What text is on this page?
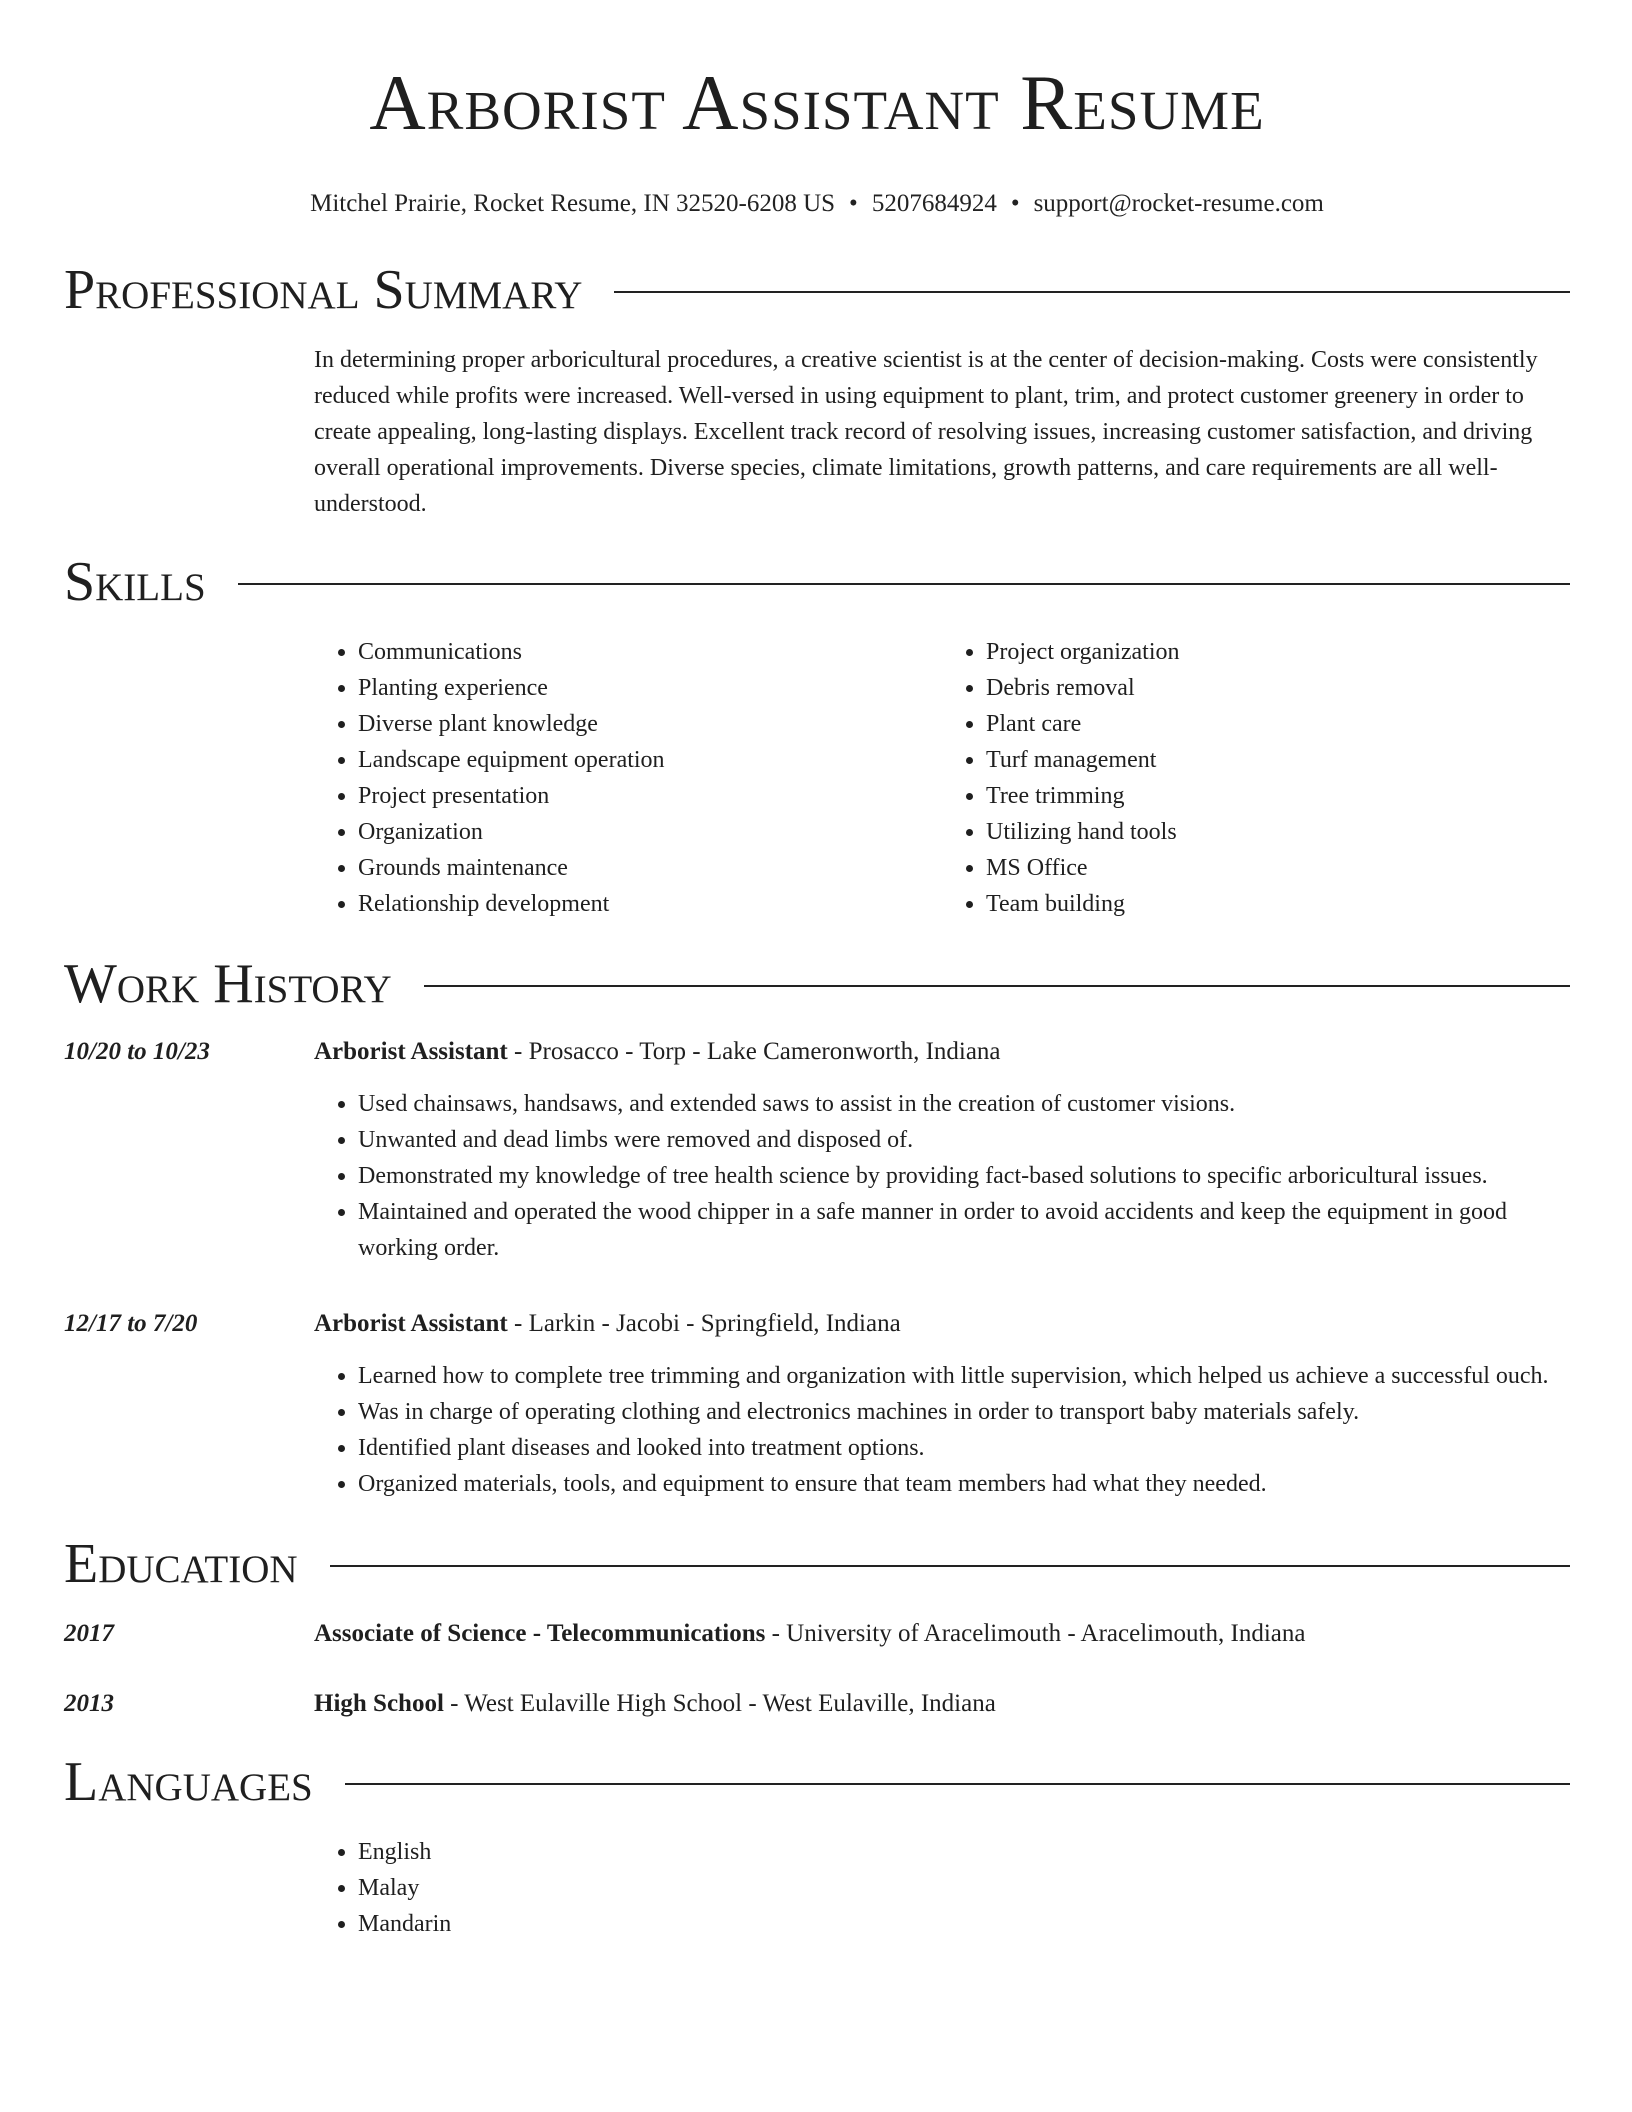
Arborist Assistant Resume
Mitchel Prairie, Rocket Resume, IN 32520-6208 US • 5207684924 • support@rocket-resume.com
Professional Summary
In determining proper arboricultural procedures, a creative scientist is at the center of decision-making. Costs were consistently reduced while profits were increased. Well-versed in using equipment to plant, trim, and protect customer greenery in order to create appealing, long-lasting displays. Excellent track record of resolving issues, increasing customer satisfaction, and driving overall operational improvements. Diverse species, climate limitations, growth patterns, and care requirements are all well-understood.
Skills
• Communications
• Planting experience
• Diverse plant knowledge
• Landscape equipment operation
• Project presentation
• Organization
• Grounds maintenance
• Relationship development
• Project organization
• Debris removal
• Plant care
• Turf management
• Tree trimming
• Utilizing hand tools
• MS Office
• Team building
Work History
10/20 to 10/23	Arborist Assistant - Prosacco - Torp - Lake Cameronworth, Indiana
• Used chainsaws, handsaws, and extended saws to assist in the creation of customer visions.
• Unwanted and dead limbs were removed and disposed of.
• Demonstrated my knowledge of tree health science by providing fact-based solutions to specific arboricultural issues.
• Maintained and operated the wood chipper in a safe manner in order to avoid accidents and keep the equipment in good working order.
12/17 to 7/20	Arborist Assistant - Larkin - Jacobi - Springfield, Indiana
• Learned how to complete tree trimming and organization with little supervision, which helped us achieve a successful ouch.
• Was in charge of operating clothing and electronics machines in order to transport baby materials safely.
• Identified plant diseases and looked into treatment options.
• Organized materials, tools, and equipment to ensure that team members had what they needed.
Education
2017	Associate of Science - Telecommunications - University of Aracelimouth - Aracelimouth, Indiana
2013	High School - West Eulaville High School - West Eulaville, Indiana
Languages
• English
• Malay
• Mandarin
